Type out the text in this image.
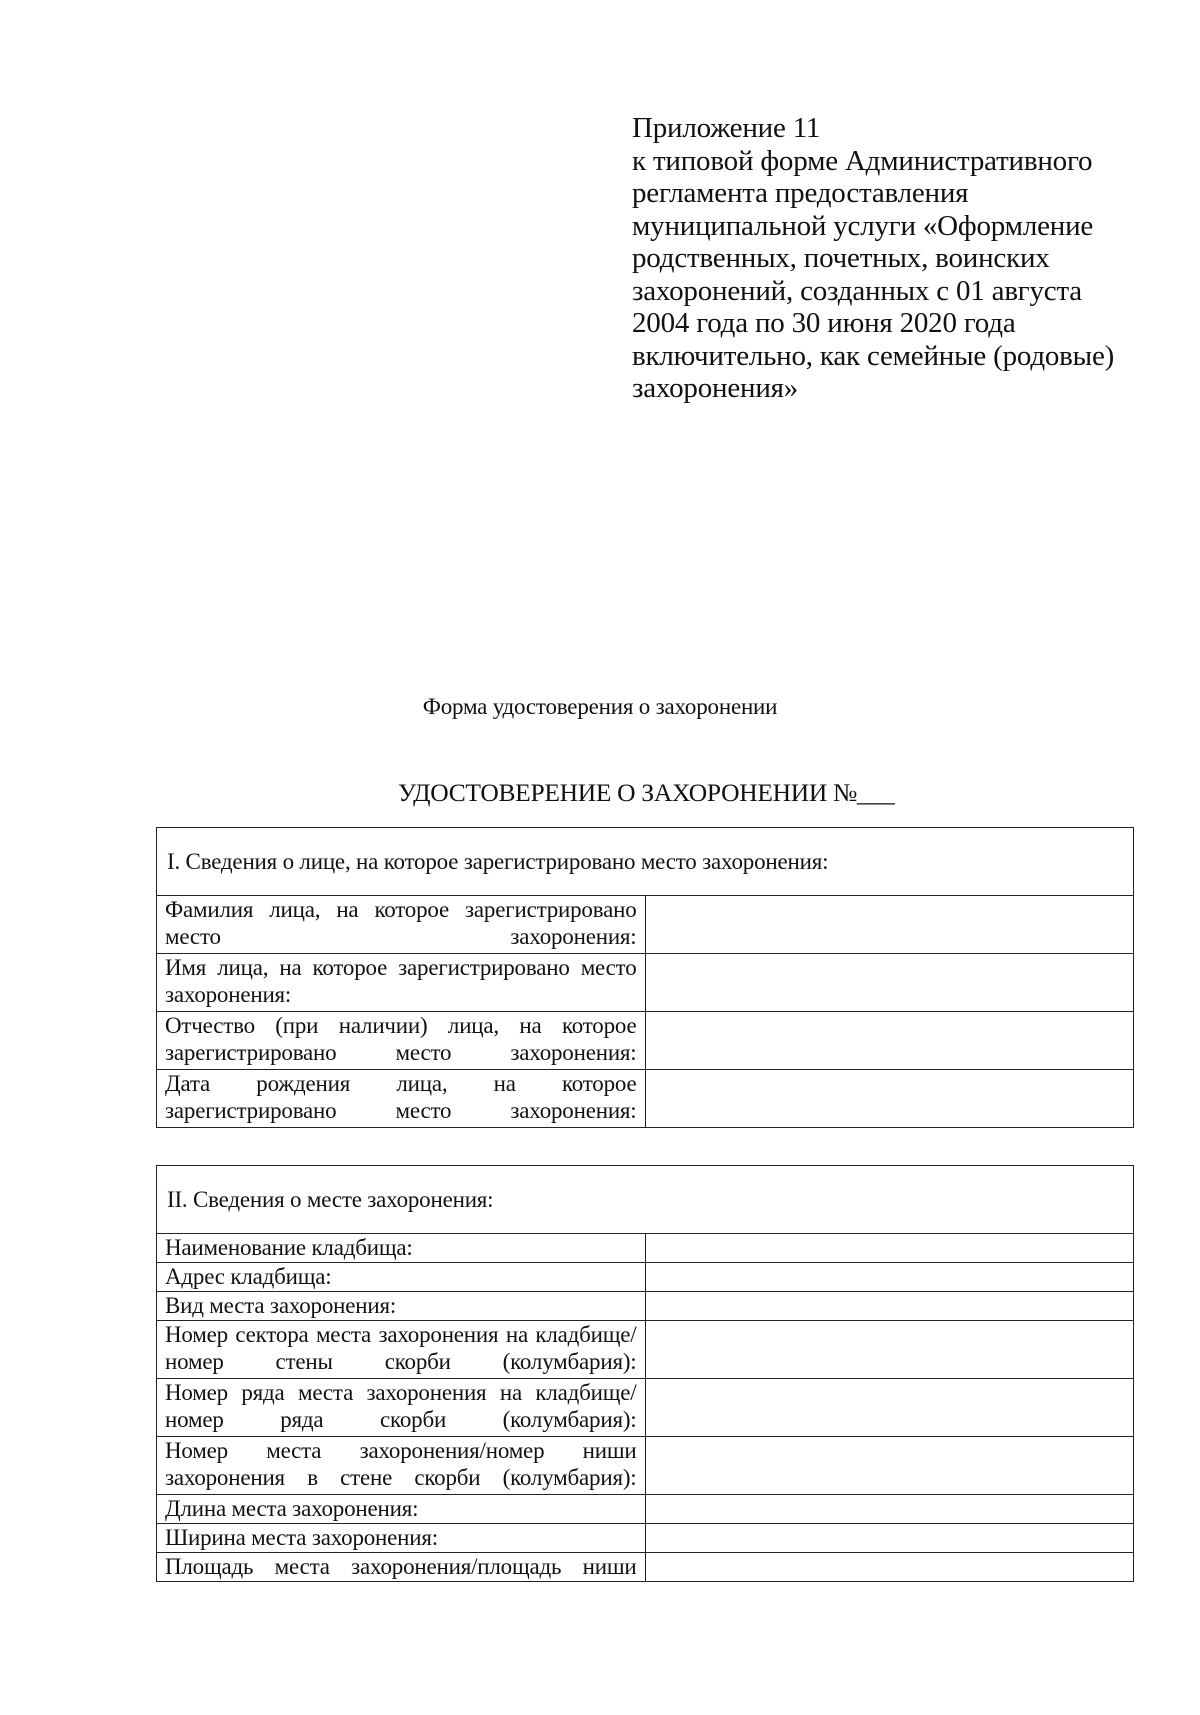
Приложение 11
к типовой форме Административного
регламента предоставления
муниципальной услуги «Оформление
родственных, почетных, воинских
захоронений, созданных с 01 августа
2004 года по 30 июня 2020 года
включительно, как семейные (родовые)
захоронения»
Форма удостоверения о захоронении
УДОСТОВЕРЕНИЕ О ЗАХОРОНЕНИИ №___
I. Сведения о лице, на которое зарегистрировано место захоронения:	
Фамилия лица, на которое зарегистрировано место захоронения:	
Имя лица, на которое зарегистрировано место захоронения:	
Отчество (при наличии) лица, на которое зарегистрировано место захоронения:	
Дата рождения лица, на которое зарегистрировано место захоронения:	
II. Сведения о месте захоронения:	
Наименование кладбища:	
Адрес кладбища:	
Вид места захоронения:	
Номер сектора места захоронения на кладбище/номер стены скорби (колумбария):	
Номер ряда места захоронения на кладбище/номер ряда скорби (колумбария):	
Номер места захоронения/номер ниши захоронения в стене скорби (колумбария):	
Длина места захоронения:	
Ширина места захоронения:	
Площадь места захоронения/площадь ниши	
